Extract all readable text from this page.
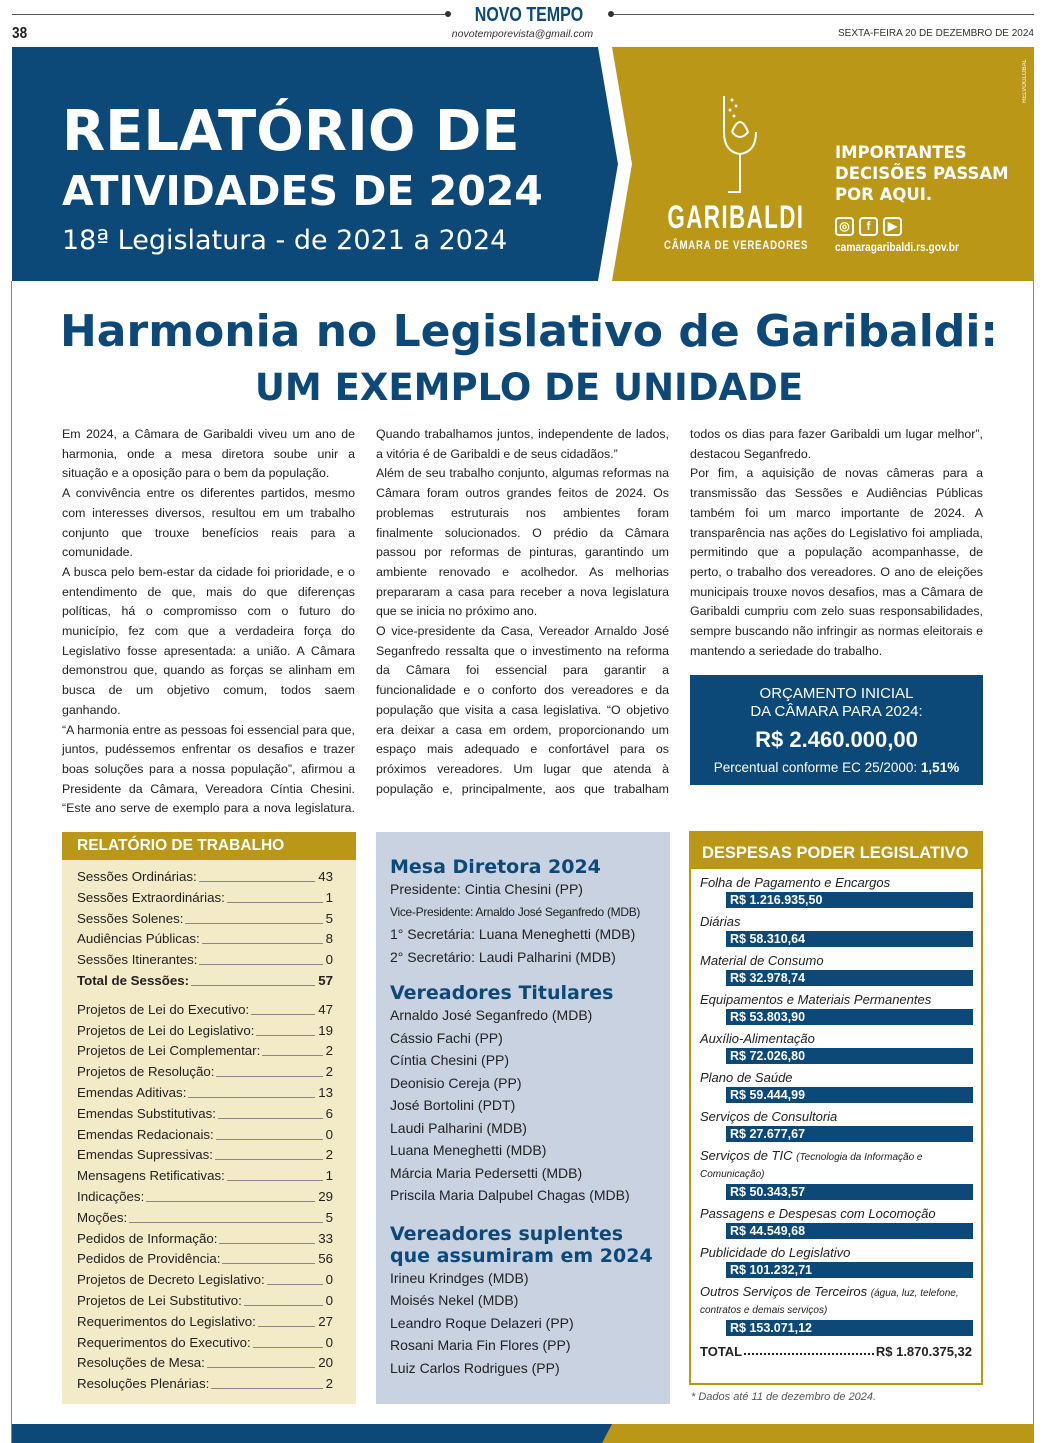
NOVO TEMPO
novotemporevista@gmail.com
38	SEXTA-FEIRA 20 DE DEZEMBRO DE 2024
RELATÓRIO DE
ATIVIDADES DE 2024
18ª Legislatura - de 2021 a 2024
GARIBALDI
CÂMARA DE VEREADORES
IMPORTANTES
DECISÕES PASSAM
POR AQUI.
◎	f	▶
camaragaribaldi.rs.gov.br
RELVOGLOBAL
Harmonia no Legislativo de Garibaldi:
UM EXEMPLO DE UNIDADE

Em 2024, a Câmara de Garibaldi viveu um ano de harmonia, onde a mesa diretora soube unir a situação e a oposição para o bem da população.

A convivência entre os diferentes partidos, mesmo com interesses diversos, resultou em um trabalho conjunto que trouxe benefícios reais para a comunidade.

A busca pelo bem-estar da cidade foi prioridade, e o entendimento de que, mais do que diferenças políticas, há o compromisso com o futuro do município, fez com que a verdadeira força do Legislativo fosse apresentada: a união. A Câmara demonstrou que, quando as forças se alinham em busca de um objetivo comum, todos saem ganhando.

“A harmonia entre as pessoas foi essencial para que, juntos, pudéssemos enfrentar os desafios e trazer boas soluções para a nossa população”, afirmou a Presidente da Câmara, Vereadora Cíntia Chesini. “Este ano serve de exemplo para a nova legislatura. Quando trabalhamos juntos, independente de lados, a vitória é de Garibaldi e de seus cidadãos.”

Além de seu trabalho conjunto, algumas reformas na Câmara foram outros grandes feitos de 2024. Os problemas estruturais nos ambientes foram finalmente solucionados. O prédio da Câmara passou por reformas de pinturas, garantindo um ambiente renovado e acolhedor. As melhorias prepararam a casa para receber a nova legislatura que se inicia no próximo ano.

O vice-presidente da Casa, Vereador Arnaldo José Seganfredo ressalta que o investimento na reforma da Câmara foi essencial para garantir a funcionalidade e o conforto dos vereadores e da população que visita a casa legislativa. “O objetivo era deixar a casa em ordem, proporcionando um espaço mais adequado e confortável para os próximos vereadores. Um lugar que atenda à população e, principalmente, aos que trabalham todos os dias para fazer Garibaldi um lugar melhor”, destacou Seganfredo.

Por fim, a aquisição de novas câmeras para a transmissão das Sessões e Audiências Públicas também foi um marco importante de 2024. A transparência nas ações do Legislativo foi ampliada, permitindo que a população acompanhasse, de perto, o trabalho dos vereadores. O ano de eleições municipais trouxe novos desafios, mas a Câmara de Garibaldi cumpriu com zelo suas responsabilidades, sempre buscando não infringir as normas eleitorais e mantendo a seriedade do trabalho.

ORÇAMENTO INICIAL
DA CÂMARA PARA 2024:
R$ 2.460.000,00
Percentual conforme EC 25/2000: 1,51%
RELATÓRIO DE TRABALHO
Sessões Ordinárias:	43
Sessões Extraordinárias:	1
Sessões Solenes:	5
Audiências Públicas:	8
Sessões Itinerantes:	0
Total de Sessões:	57
Projetos de Lei do Executivo:	47
Projetos de Lei do Legislativo:	19
Projetos de Lei Complementar:	2
Projetos de Resolução:	2
Emendas Aditivas:	13
Emendas Substitutivas:	6
Emendas Redacionais:	0
Emendas Supressivas:	2
Mensagens Retificativas:	1
Indicações:	29
Moções:	5
Pedidos de Informação:	33
Pedidos de Providência:	56
Projetos de Decreto Legislativo:	0
Projetos de Lei Substitutivo:	0
Requerimentos do Legislativo:	27
Requerimentos do Executivo:	0
Resoluções de Mesa:	20
Resoluções Plenárias:	2
Mesa Diretora 2024
Presidente: Cintia Chesini (PP)
Vice-Presidente: Arnaldo José Seganfredo (MDB)
1° Secretária: Luana Meneghetti (MDB)
2° Secretário: Laudi Palharini (MDB)
Vereadores Titulares
Arnaldo José Seganfredo (MDB)
Cássio Fachi (PP)
Cíntia Chesini (PP)
Deonisio Cereja (PP)
José Bortolini (PDT)
Laudi Palharini (MDB)
Luana Meneghetti (MDB)
Márcia Maria Pedersetti (MDB)
Priscila Maria Dalpubel Chagas (MDB)
Vereadores suplentes que assumiram em 2024
Irineu Krindges (MDB)
Moisés Nekel (MDB)
Leandro Roque Delazeri (PP)
Rosani Maria Fin Flores (PP)
Luiz Carlos Rodrigues (PP)
DESPESAS PODER LEGISLATIVO
Folha de Pagamento e Encargos
R$ 1.216.935,50
Diárias
R$ 58.310,64
Material de Consumo
R$ 32.978,74
Equipamentos e Materiais Permanentes
R$ 53.803,90
Auxílio-Alimentação
R$ 72.026,80
Plano de Saúde
R$ 59.444,99
Serviços de Consultoria
R$ 27.677,67
Serviços de TIC (Tecnologia da Informação e Comunicação)
R$ 50.343,57
Passagens e Despesas com Locomoção
R$ 44.549,68
Publicidade do Legislativo
R$ 101.232,71
Outros Serviços de Terceiros (água, luz, telefone, contratos e demais serviços)
R$ 153.071,12
TOTAL	R$ 1.870.375,32
* Dados até 11 de dezembro de 2024.
